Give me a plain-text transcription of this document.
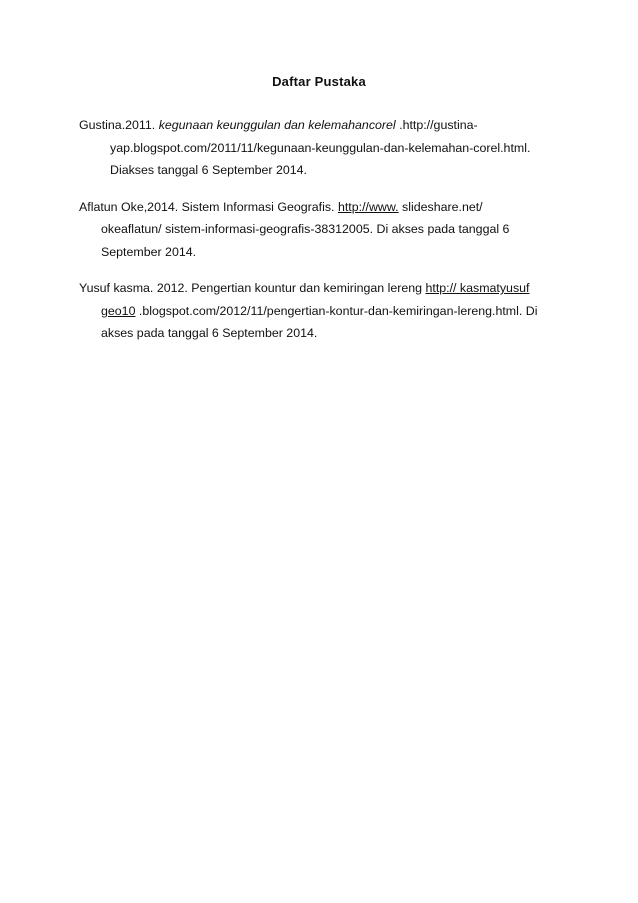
Daftar Pustaka
Gustina.2011. kegunaan keunggulan dan kelemahancorel .http://gustina-
yap.blogspot.com/2011/11/kegunaan-keunggulan-dan-kelemahan-corel.html.
Diakses tanggal 6 September 2014.
Aflatun Oke,2014. Sistem Informasi Geografis. http://www. slideshare.net/
okeaflatun/ sistem-informasi-geografis-38312005. Di akses pada tanggal 6
September 2014.
Yusuf kasma. 2012. Pengertian kountur dan kemiringan lereng http:// kasmatyusuf
geo10 .blogspot.com/2012/11/pengertian-kontur-dan-kemiringan-lereng.html. Di
akses pada tanggal 6 September 2014.
